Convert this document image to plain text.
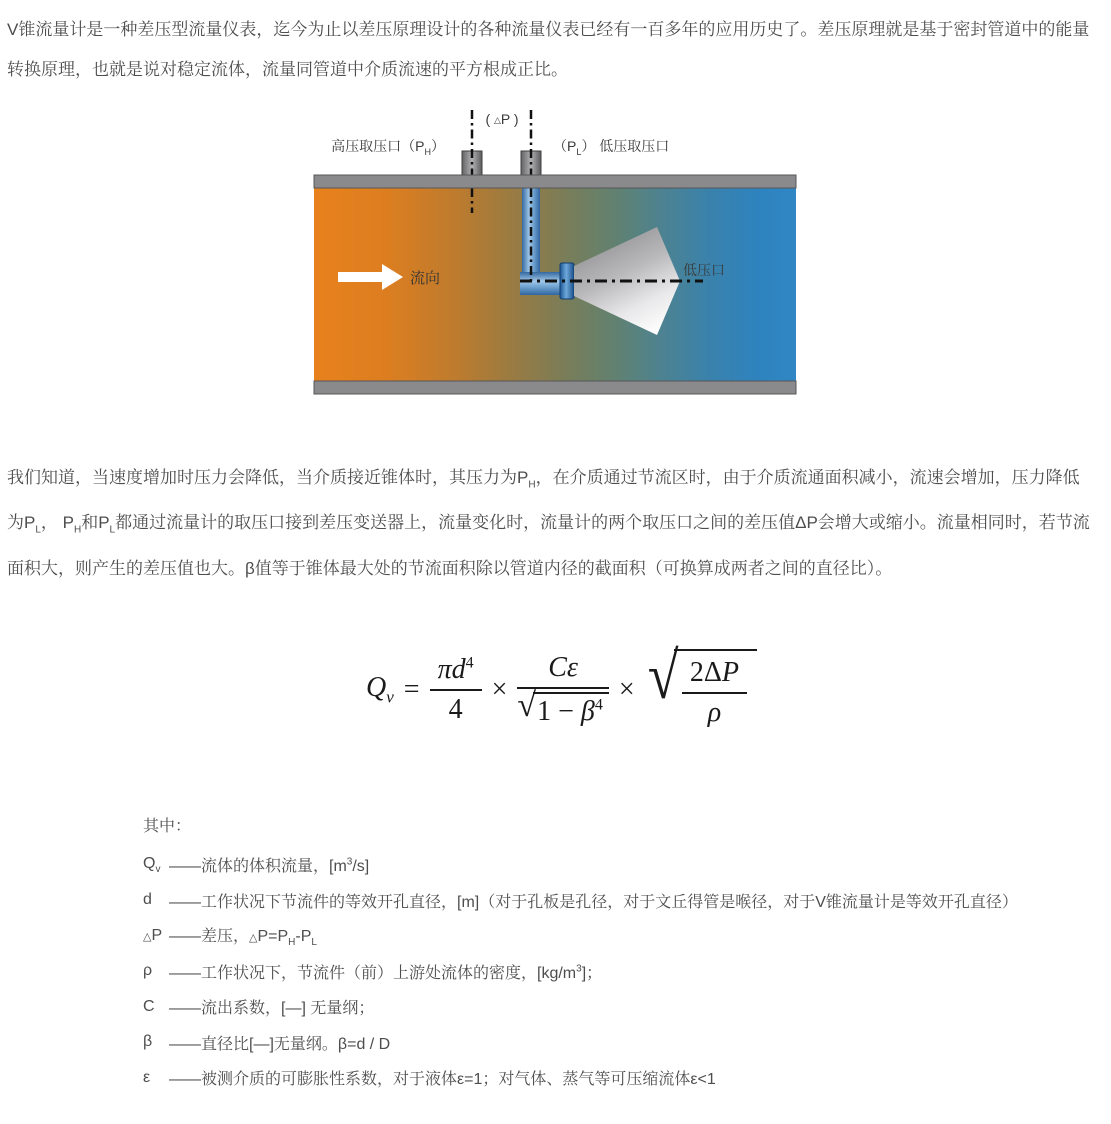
V锥流量计是一种差压型流量仪表，迄今为止以差压原理设计的各种流量仪表已经有一百多年的应用历史了。差压原理就是基于密封管道中的能量
转换原理，也就是说对稳定流体，流量同管道中介质流速的平方根成正比。

( △P )
高压取压口$(P_H)$	$(P_L)$ 低压取压口
流向	低压口

我们知道，当速度增加时压力会降低，当介质接近锥体时，其压力为$P_H$，在介质通过节流区时，由于介质流通面积减小，流速会增加，压力降低
为$P_L$， $P_H$和$P_L$都通过流量计的取压口接到差压变送器上，流量变化时，流量计的两个取压口之间的差压值ΔP会增大或缩小。流量相同时，若节流
面积大，则产生的差压值也大。β值等于锥体最大处的节流面积除以管道内径的截面积（可换算成两者之间的直径比）。

$Q_v = \frac{\pi d^4}{4} \times \frac{C\varepsilon}{√ 1 - \beta^4}$ × √ $\frac{2\Delta P}{\rho}$
其中：
$Q_v$ ——流体的体积流量，$[m^3/s]$
d	——工作状况下节流件的等效开孔直径，[m]（对于孔板是孔径，对于文丘得管是喉径，对于V锥流量计是等效开孔直径）
△P ——差压，$\triangle P=P_H-P_L$
ρ	——工作状况下，节流件（前）上游处流体的密度，$[kg/m^3]$；
C ——流出系数，[—] 无量纲；
β	——直径比[—]无量纲。β=d / D
ε	——被测介质的可膨胀性系数，对于液体ε=1；对气体、蒸气等可压缩流体ε<1
